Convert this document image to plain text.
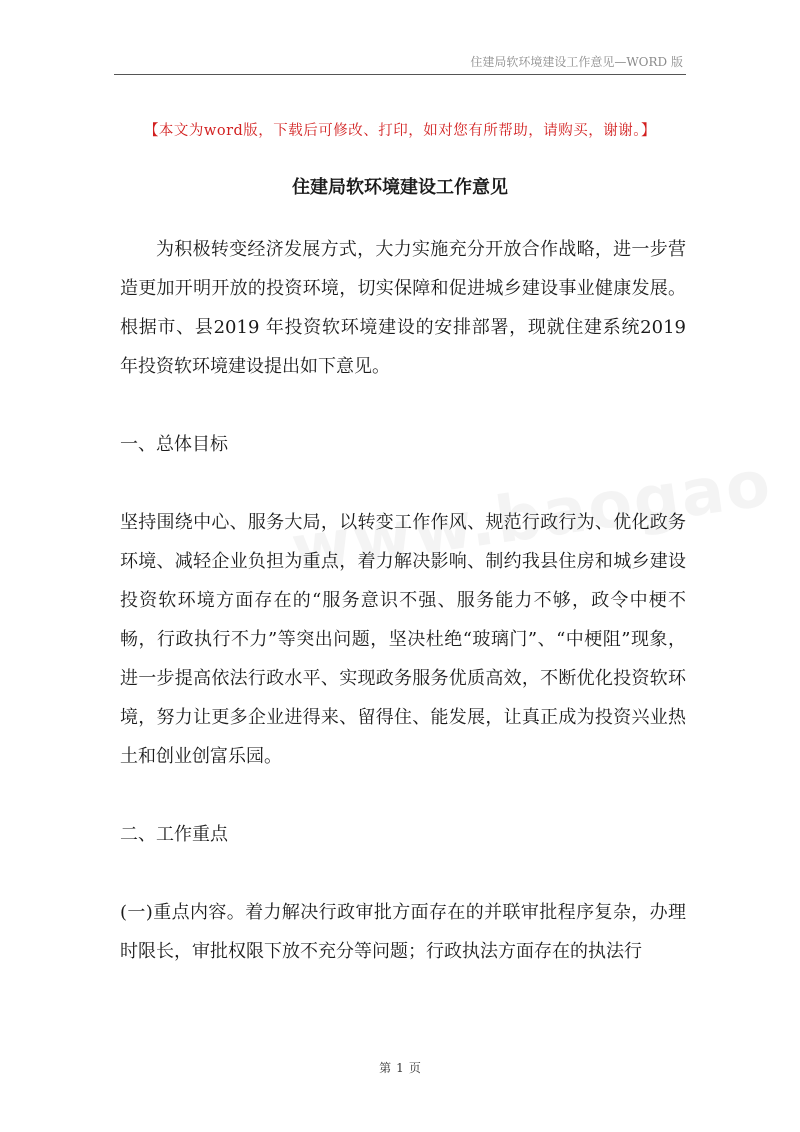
住建局软环境建设工作意见—WORD 版
【本文为word版，下载后可修改、打印，如对您有所帮助，请购买，谢谢。】
住建局软环境建设工作意见

为积极转变经济发展方式，大力实施充分开放合作战略，进一步营造更加开明开放的投资环境，切实保障和促进城乡建设事业健康发展。根据市、县2019 年投资软环境建设的安排部署，现就住建系统2019 年投资软环境建设提出如下意见。

一、总体目标

坚持围绕中心、服务大局，以转变工作作风、规范行政行为、优化政务环境、减轻企业负担为重点，着力解决影响、制约我县住房和城乡建设投资软环境方面存在的“服务意识不强、服务能力不够，政令中梗不畅，行政执行不力”等突出问题，坚决杜绝“玻璃门”、“中梗阻”现象，进一步提高依法行政水平、实现政务服务优质高效，不断优化投资软环境，努力让更多企业进得来、留得住、能发展，让真正成为投资兴业热土和创业创富乐园。

二、工作重点

(一)重点内容。着力解决行政审批方面存在的并联审批程序复杂，办理时限长，审批权限下放不充分等问题；行政执法方面存在的执法行

第 1 页
